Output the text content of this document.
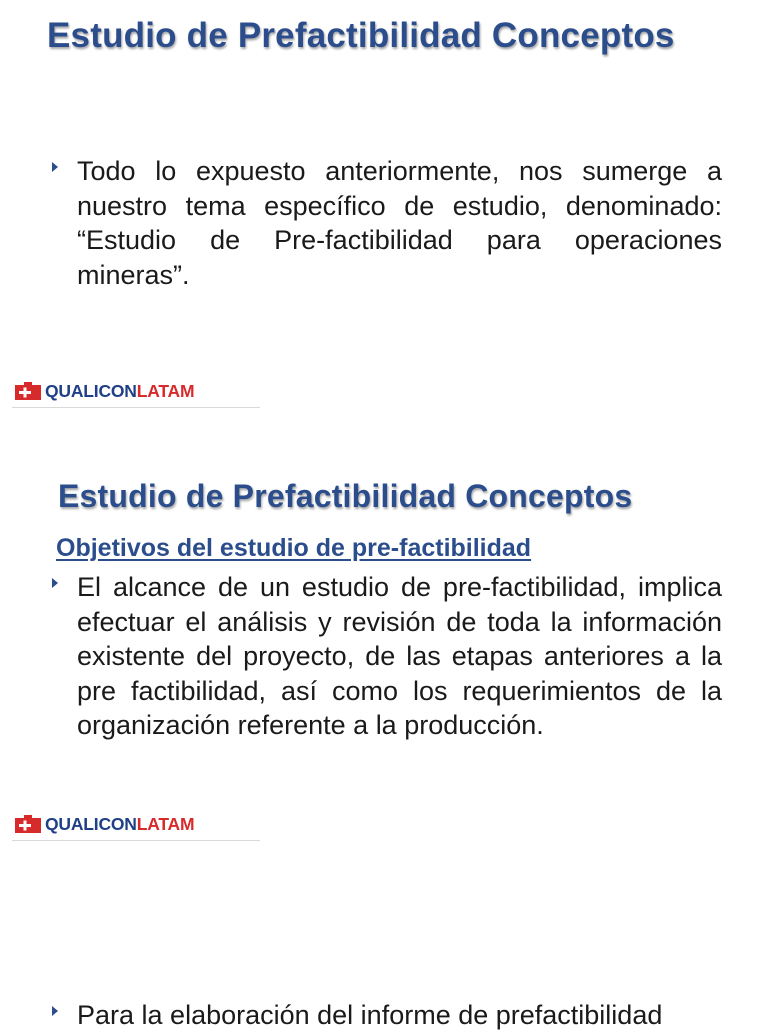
Estudio de Prefactibilidad Conceptos

Todo lo expuesto anteriormente, nos sumerge a nuestro tema específico de estudio, denominado: “Estudio de Pre-factibilidad para operaciones mineras”.

QUALICONLATAM
Estudio de Prefactibilidad Conceptos
Objetivos del estudio de pre-factibilidad

El alcance de un estudio de pre-factibilidad, implica efectuar el análisis y revisión de toda la información existente del proyecto, de las etapas anteriores a la pre factibilidad, así como los requerimientos de la organización referente a la producción.

QUALICONLATAM

Para la elaboración del informe de prefactibilidad
